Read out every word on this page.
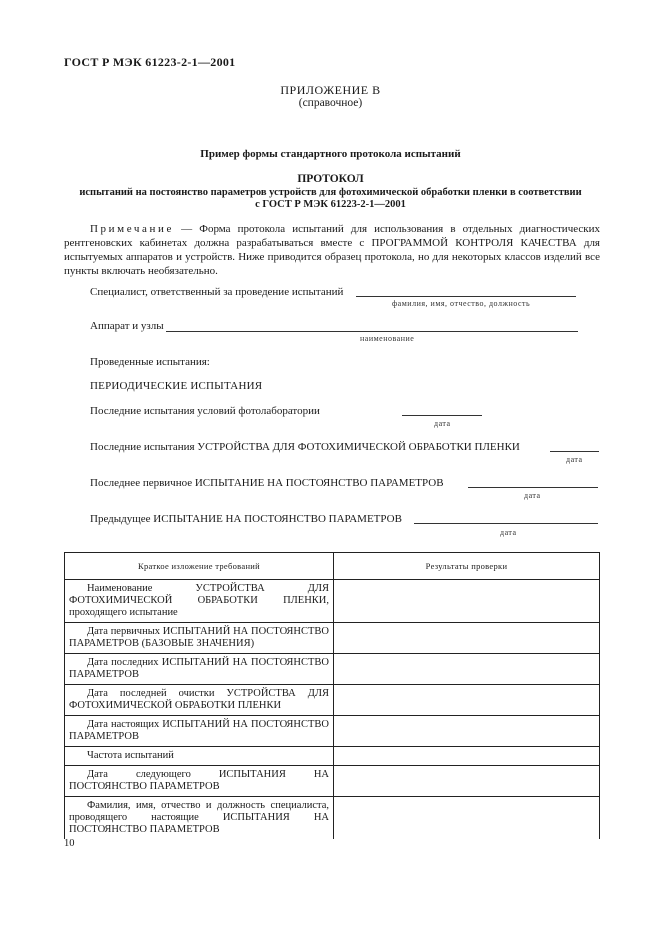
ГОСТ Р МЭК 61223-2-1—2001
ПРИЛОЖЕНИЕ В
(справочное)
Пример формы стандартного протокола испытаний
ПРОТОКОЛ
испытаний на постоянство параметров устройств для фотохимической обработки пленки в соответствии
с ГОСТ Р МЭК 61223-2-1—2001
Примечание — Форма протокола испытаний для использования в отдельных диагностических рентгеновских кабинетах должна разрабатываться вместе с ПРОГРАММОЙ КОНТРОЛЯ КАЧЕСТВА для испытуемых аппаратов и устройств. Ниже приводится образец протокола, но для некоторых классов изделий все пункты включать необязательно.
Специалист, ответственный за проведение испытаний
фамилия, имя, отчество, должность
Аппарат и узлы
наименование
Проведенные испытания:
ПЕРИОДИЧЕСКИЕ ИСПЫТАНИЯ
Последние испытания условий фотолаборатории
дата
Последние испытания УСТРОЙСТВА ДЛЯ ФОТОХИМИЧЕСКОЙ ОБРАБОТКИ ПЛЕНКИ
дата
Последнее первичное ИСПЫТАНИЕ НА ПОСТОЯНСТВО ПАРАМЕТРОВ
дата
Предыдущее ИСПЫТАНИЕ НА ПОСТОЯНСТВО ПАРАМЕТРОВ
дата
Краткое изложение требований	Результаты проверки
Наименование УСТРОЙСТВА ДЛЯ ФОТОХИМИЧЕСКОЙ ОБРАБОТКИ ПЛЕНКИ, проходящего испытание	
Дата первичных ИСПЫТАНИЙ НА ПОСТОЯНСТВО ПАРАМЕТРОВ (БАЗОВЫЕ ЗНАЧЕНИЯ)	
Дата последних ИСПЫТАНИЙ НА ПОСТОЯНСТВО ПАРАМЕТРОВ	
Дата последней очистки УСТРОЙСТВА ДЛЯ ФОТОХИМИЧЕСКОЙ ОБРАБОТКИ ПЛЕНКИ	
Дата настоящих ИСПЫТАНИЙ НА ПОСТОЯНСТВО ПАРАМЕТРОВ	
Частота испытаний	
Дата следующего ИСПЫТАНИЯ НА ПОСТОЯНСТВО ПАРАМЕТРОВ	
Фамилия, имя, отчество и должность специалиста, проводящего настоящие ИСПЫТАНИЯ НА ПОСТОЯНСТВО ПАРАМЕТРОВ	
10
